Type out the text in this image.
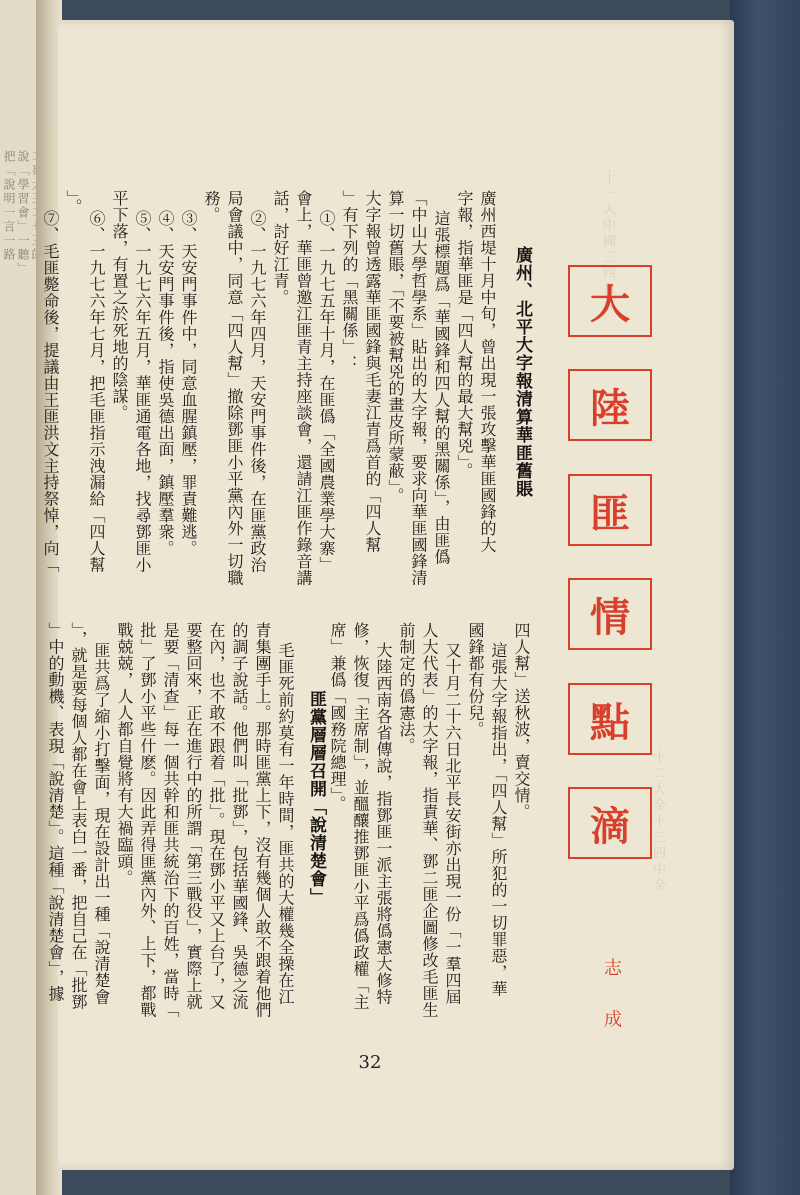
把「說明一言一路 說「學習會」一聽」	十一大中國三四月二
十二大全十三四中全
大
陸
匪
情
點
滴
志 成
廣州、北平大字報清算華匪舊賬
廣州西堤十月中旬，曾出現一張攻擊華匪國鋒的大
字報，指華匪是「四人幫的最大幫兇」。
這張標題爲「華國鋒和四人幫的黑關係」，由匪僞
「中山大學哲學系」貼出的大字報，要求向華匪國鋒清
算一切舊賬，「不要被幫兇的畫皮所蒙蔽」。
大字報曾透露華匪國鋒與毛妻江青爲首的「四人幫
」有下列的「黑關係」：
①、一九七五年十月，在匪僞「全國農業學大寨」
會上，華匪曾邀江匪青主持座談會，還請江匪作錄音講
話，討好江青。
②、一九七六年四月，天安門事件後，在匪黨政治
局會議中，同意「四人幫」撤除鄧匪小平黨內外一切職
務。
③、天安門事件中，同意血腥鎮壓，罪責難逃。
④、天安門事件後，指使吳德出面，鎮壓羣衆。
⑤、一九七六年五月，華匪通電各地，找尋鄧匪小
平下落，有置之於死地的陰謀。
⑥、一九七六年七月，把毛匪指示洩漏給「四人幫
」。
⑦、毛匪斃命後，提議由王匪洪文主持祭悼，向「
四人幫」送秋波，賣交情。
這張大字報指出，「四人幫」所犯的一切罪惡，華
國鋒都有份兒。
又十月二十六日北平長安街亦出現一份「一羣四屆
人大代表」的大字報，指責華、鄧二匪企圖修改毛匪生
前制定的僞憲法。
大陸西南各省傳說，指鄧匪一派主張將僞憲大修特
修，恢復「主席制」，並醞釀推鄧匪小平爲僞政權「主
席」兼僞「國務院總理」。
匪黨層層召開「說清楚會」
毛匪死前約莫有一年時間，匪共的大權幾全操在江
青集團手上。那時匪黨上下，沒有幾個人敢不跟着他們
的調子說話。他們叫「批鄧」，包括華國鋒、吳德之流
在內，也不敢不跟着「批」。現在鄧小平又上台了，又
要整回來，正在進行中的所謂「第三戰役」，實際上就
是要「清查」每一個共幹和匪共統治下的百姓，當時「
批」了鄧小平些什麽。因此弄得匪黨內外、上下，都戰
戰兢兢，人人都自覺將有大禍臨頭。
匪共爲了縮小打擊面，現在設計出一種「說清楚會
」，就是要每個人都在會上表白一番，把自己在「批鄧
」中的動機、表現「說清楚」。這種「說清楚會」，據
32
